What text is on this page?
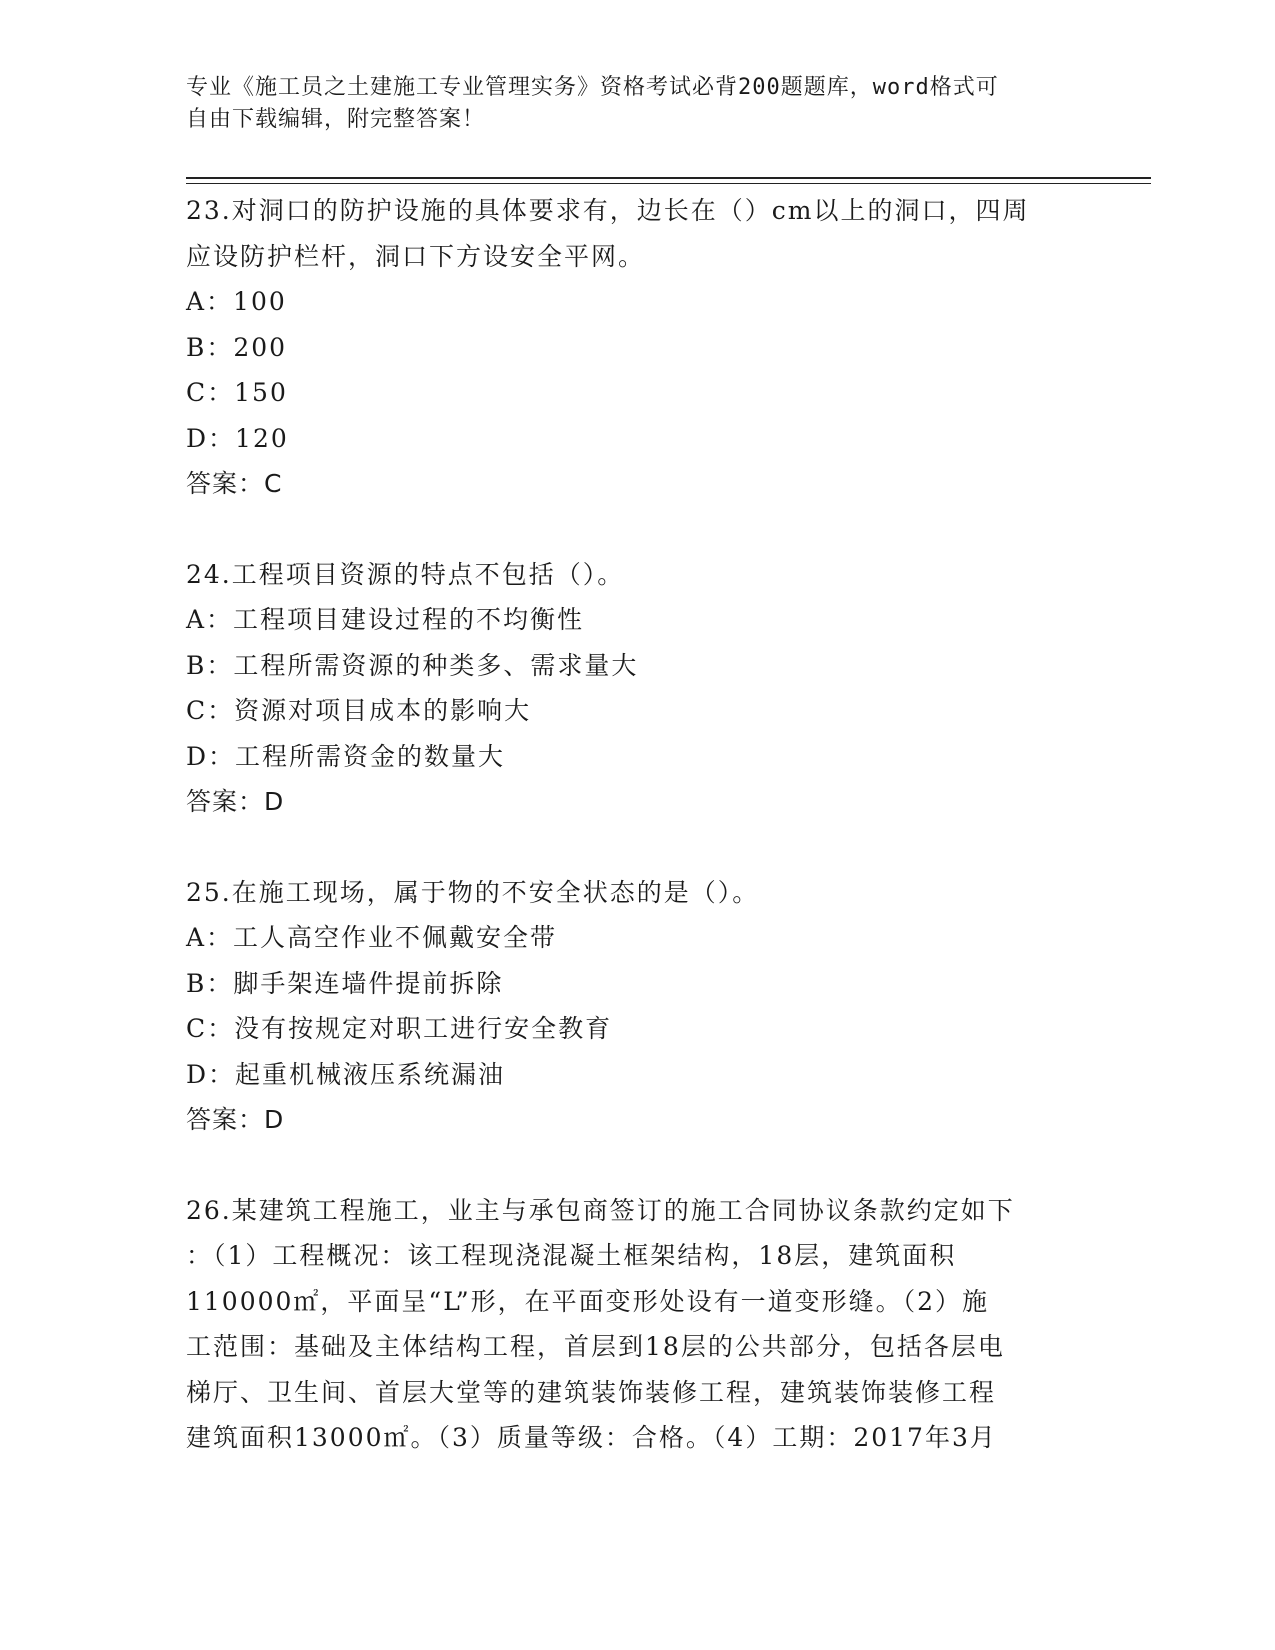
专业《施工员之土建施工专业管理实务》资格考试必背200题题库，word格式可
自由下载编辑，附完整答案！
23.对洞口的防护设施的具体要求有，边长在（）cm以上的洞口，四周
应设防护栏杆，洞口下方设安全平网。
A：100
B：200
C：150
D：120
答案：C
24.工程项目资源的特点不包括（）。
A：工程项目建设过程的不均衡性
B：工程所需资源的种类多、需求量大
C：资源对项目成本的影响大
D：工程所需资金的数量大
答案：D
25.在施工现场，属于物的不安全状态的是（）。
A：工人高空作业不佩戴安全带
B：脚手架连墙件提前拆除
C：没有按规定对职工进行安全教育
D：起重机械液压系统漏油
答案：D
26.某建筑工程施工，业主与承包商签订的施工合同协议条款约定如下
：（1）工程概况：该工程现浇混凝土框架结构，18层，建筑面积
110000㎡，平面呈“L”形，在平面变形处设有一道变形缝。（2）施
工范围：基础及主体结构工程，首层到18层的公共部分，包括各层电
梯厅、卫生间、首层大堂等的建筑装饰装修工程，建筑装饰装修工程
建筑面积13000㎡。（3）质量等级：合格。（4）工期：2017年3月
